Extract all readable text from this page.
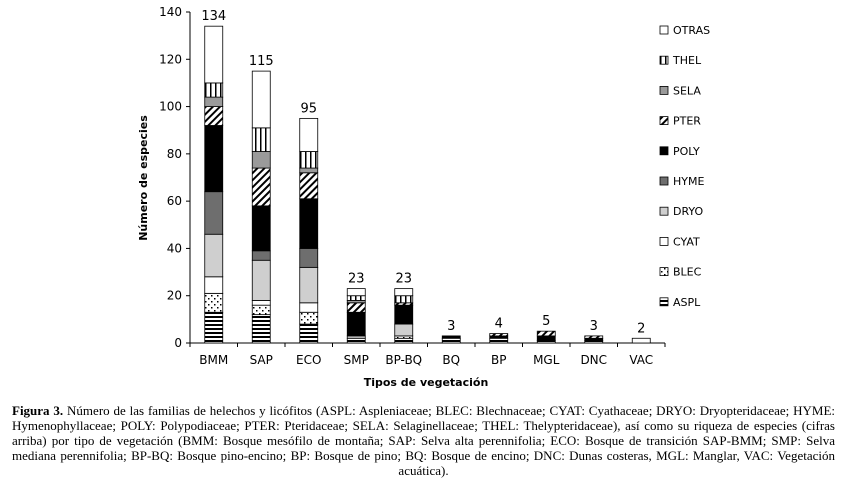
0
20
40
60
80
100
120
140
BMM SAP ECO SMP BP-BQ BQ	BP MGL DNC VAC
134
115
95
23 23
3	4	5	3	2
Número de especies
Tipos de vegetación
OTRAS
THEL
SELA
PTER
POLY
HYME
DRYO
CYAT
BLEC
ASPL
Figura 3. Número de las familias de helechos y licófitos (ASPL: Aspleniaceae; BLEC: Blechnaceae; CYAT: Cyathaceae; DRYO: Dryopteridaceae; HYME: Hymenophyllaceae; POLY: Polypodiaceae; PTER: Pteridaceae; SELA: Selaginellaceae; THEL: Thelypteridaceae), así como su riqueza de especies (cifras arriba) por tipo de vegetación (BMM: Bosque mesófilo de montaña; SAP: Selva alta perennifolia; ECO: Bosque de transición SAP-BMM; SMP: Selva mediana perennifolia; BP-BQ: Bosque pino-encino; BP: Bosque de pino; BQ: Bosque de encino; DNC: Dunas costeras, MGL: Manglar, VAC: Vegetación acuática).
